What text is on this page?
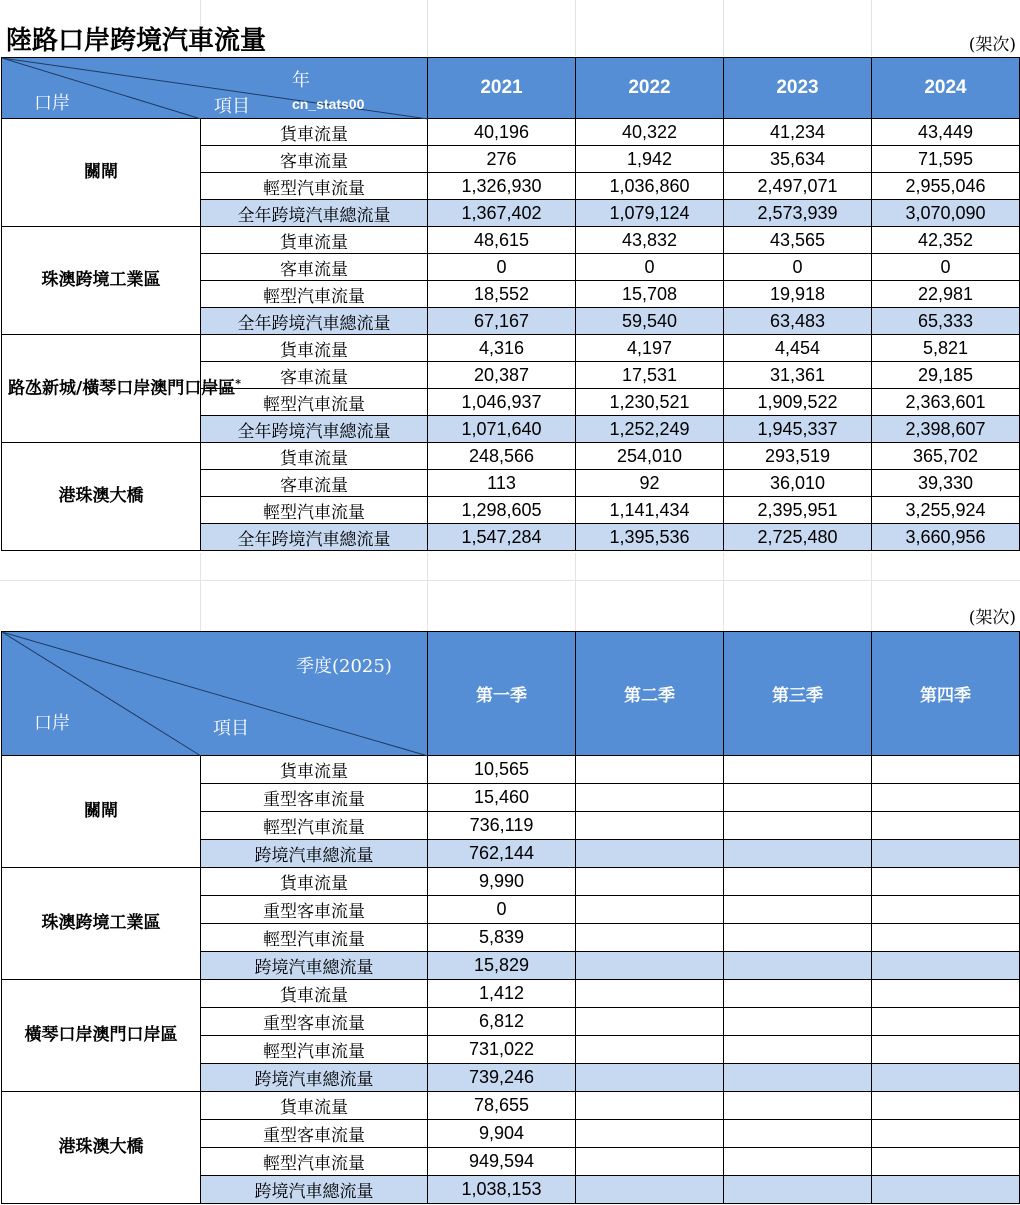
陸路口岸跨境汽車流量	(架次)
(架次)
年
cn_stats00
項目
口岸		2021	2022	2023	2024
關閘	貨車流量	40,196	40,322	41,234	43,449
	客車流量	276	1,942	35,634	71,595
	輕型汽車流量	1,326,930	1,036,860	2,497,071	2,955,046
	全年跨境汽車總流量	1,367,402	1,079,124	2,573,939	3,070,090
珠澳跨境工業區	貨車流量	48,615	43,832	43,565	42,352
	客車流量	0	0	0	0
	輕型汽車流量	18,552	15,708	19,918	22,981
	全年跨境汽車總流量	67,167	59,540	63,483	65,333
路氹新城/橫琴口岸澳門口岸區*	貨車流量	4,316	4,197	4,454	5,821
	客車流量	20,387	17,531	31,361	29,185
	輕型汽車流量	1,046,937	1,230,521	1,909,522	2,363,601
	全年跨境汽車總流量	1,071,640	1,252,249	1,945,337	2,398,607
港珠澳大橋	貨車流量	248,566	254,010	293,519	365,702
	客車流量	113	92	36,010	39,330
	輕型汽車流量	1,298,605	1,141,434	2,395,951	3,255,924
	全年跨境汽車總流量	1,547,284	1,395,536	2,725,480	3,660,956
季度(2025)
項目
口岸		第一季	第二季	第三季	第四季
關閘	貨車流量	10,565			
	重型客車流量	15,460			
	輕型汽車流量	736,119			
	跨境汽車總流量	762,144			
珠澳跨境工業區	貨車流量	9,990			
	重型客車流量	0			
	輕型汽車流量	5,839			
	跨境汽車總流量	15,829			
橫琴口岸澳門口岸區	貨車流量	1,412			
	重型客車流量	6,812			
	輕型汽車流量	731,022			
	跨境汽車總流量	739,246			
港珠澳大橋	貨車流量	78,655			
	重型客車流量	9,904			
	輕型汽車流量	949,594			
	跨境汽車總流量	1,038,153			
